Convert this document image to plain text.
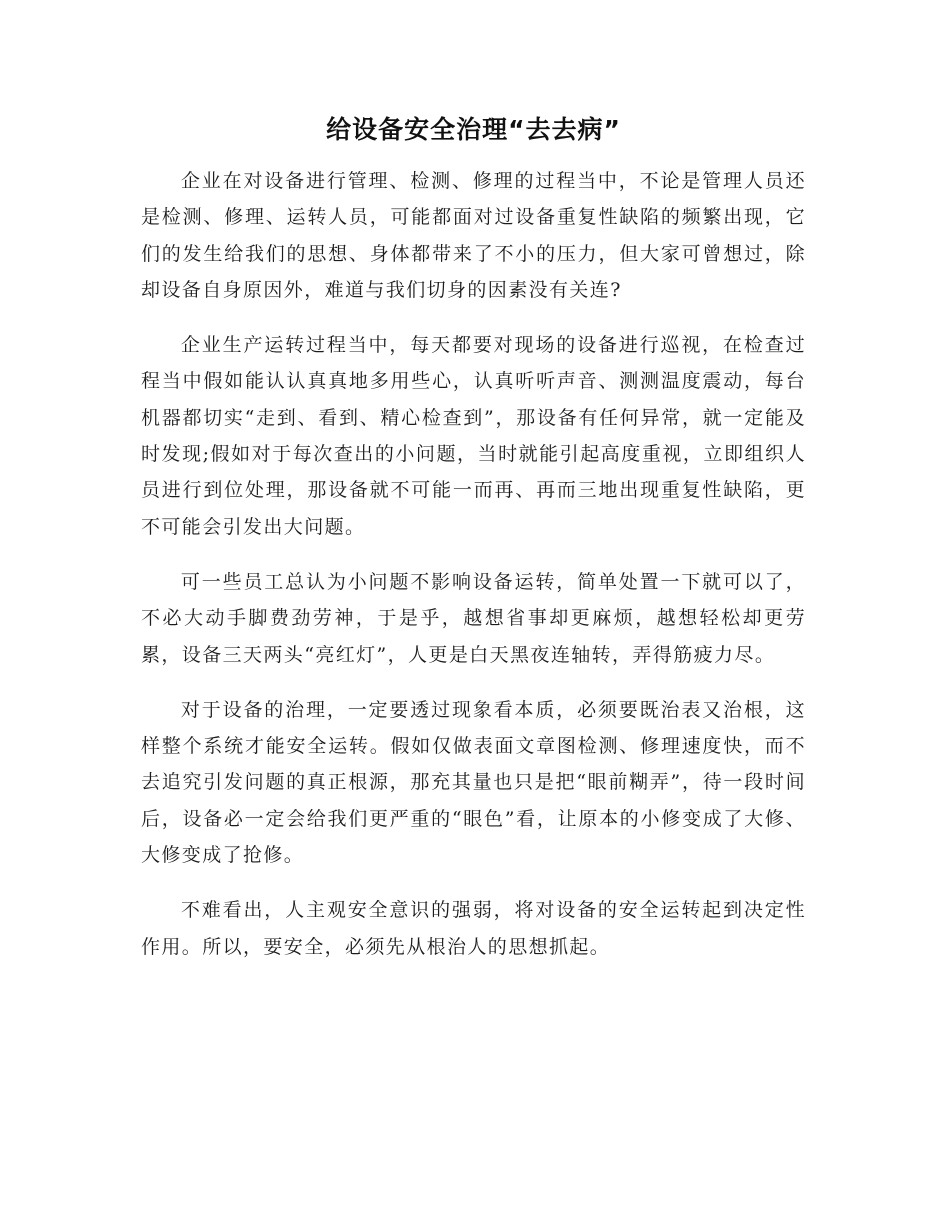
给设备安全治理“去去病”

企业在对设备进行管理、检测、修理的过程当中，不论是管理人员还是检测、修理、运转人员，可能都面对过设备重复性缺陷的频繁出现，它们的发生给我们的思想、身体都带来了不小的压力，但大家可曾想过，除却设备自身原因外，难道与我们切身的因素没有关连?

企业生产运转过程当中，每天都要对现场的设备进行巡视，在检查过程当中假如能认认真真地多用些心，认真听听声音、测测温度震动，每台机器都切实“走到、看到、精心检查到”，那设备有任何异常，就一定能及时发现;假如对于每次查出的小问题，当时就能引起高度重视，立即组织人员进行到位处理，那设备就不可能一而再、再而三地出现重复性缺陷，更不可能会引发出大问题。

可一些员工总认为小问题不影响设备运转，简单处置一下就可以了，不必大动手脚费劲劳神，于是乎，越想省事却更麻烦，越想轻松却更劳累，设备三天两头“亮红灯”，人更是白天黑夜连轴转，弄得筋疲力尽。

对于设备的治理，一定要透过现象看本质，必须要既治表又治根，这样整个系统才能安全运转。假如仅做表面文章图检测、修理速度快，而不去追究引发问题的真正根源，那充其量也只是把“眼前糊弄”，待一段时间后，设备必一定会给我们更严重的“眼色”看，让原本的小修变成了大修、大修变成了抢修。

不难看出，人主观安全意识的强弱，将对设备的安全运转起到决定性作用。所以，要安全，必须先从根治人的思想抓起。
